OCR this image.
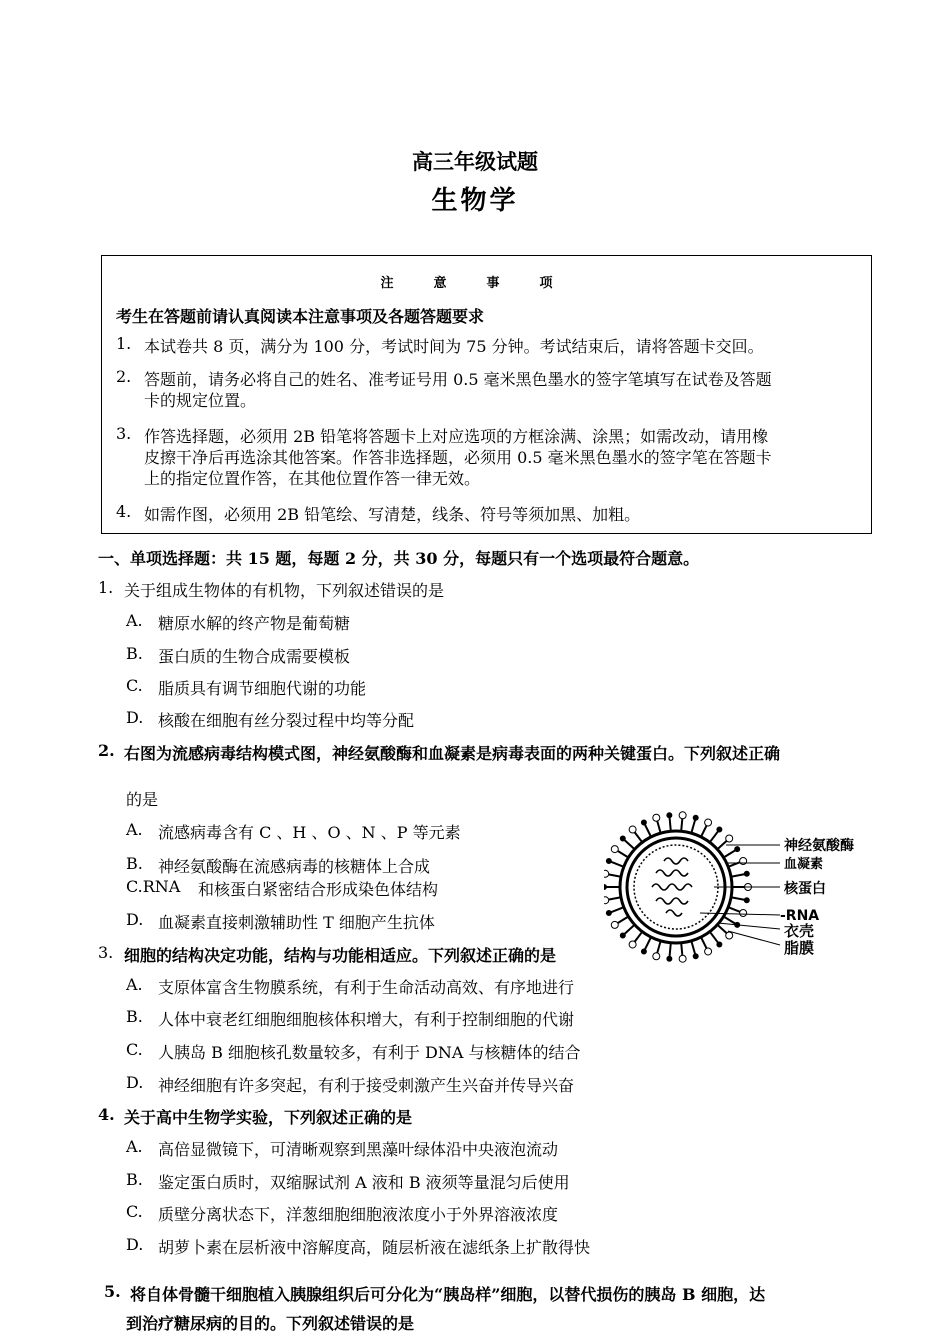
高三年级试题
生物学
注意事项
考生在答题前请认真阅读本注意事项及各题答题要求
1. 本试卷共 8 页，满分为 100 分，考试时间为 75 分钟。考试结束后，请将答题卡交回。
2. 答题前，请务必将自己的姓名、准考证号用 0.5 毫米黑色墨水的签字笔填写在试卷及答题
卡的规定位置。
3. 作答选择题，必须用 2B 铅笔将答题卡上对应选项的方框涂满、涂黑；如需改动，请用橡
皮擦干净后再选涂其他答案。作答非选择题，必须用 0.5 毫米黑色墨水的签字笔在答题卡
上的指定位置作答，在其他位置作答一律无效。
4. 如需作图，必须用 2B 铅笔绘、写清楚，线条、符号等须加黑、加粗。
一、单项选择题：共 15 题，每题 2 分，共 30 分，每题只有一个选项最符合题意。
1. 关于组成生物体的有机物，下列叙述错误的是
A. 糖原水解的终产物是葡萄糖
B. 蛋白质的生物合成需要模板
C. 脂质具有调节细胞代谢的功能
D. 核酸在细胞有丝分裂过程中均等分配
2. 右图为流感病毒结构模式图，神经氨酸酶和血凝素是病毒表面的两种关键蛋白。下列叙述正确
的是
A. 流感病毒含有 C 、H 、O 、N 、P 等元素
B. 神经氨酸酶在流感病毒的核糖体上合成
C.RNA 和核蛋白紧密结合形成染色体结构
D. 血凝素直接刺激辅助性 T 细胞产生抗体
神经氨酸酶
血凝素
核蛋白
-RNA
衣壳
脂膜
3. 细胞的结构决定功能，结构与功能相适应。下列叙述正确的是
A. 支原体富含生物膜系统，有利于生命活动高效、有序地进行
B. 人体中衰老红细胞细胞核体积增大，有利于控制细胞的代谢
C. 人胰岛 B 细胞核孔数量较多，有利于 DNA 与核糖体的结合
D. 神经细胞有许多突起，有利于接受刺激产生兴奋并传导兴奋
4. 关于高中生物学实验，下列叙述正确的是
A. 高倍显微镜下，可清晰观察到黑藻叶绿体沿中央液泡流动
B. 鉴定蛋白质时，双缩脲试剂 A 液和 B 液须等量混匀后使用
C. 质壁分离状态下，洋葱细胞细胞液浓度小于外界溶液浓度
D. 胡萝卜素在层析液中溶解度高，随层析液在滤纸条上扩散得快
5. 将自体骨髓干细胞植入胰腺组织后可分化为“胰岛样”细胞，以替代损伤的胰岛 B 细胞，达
到治疗糖尿病的目的。下列叙述错误的是
